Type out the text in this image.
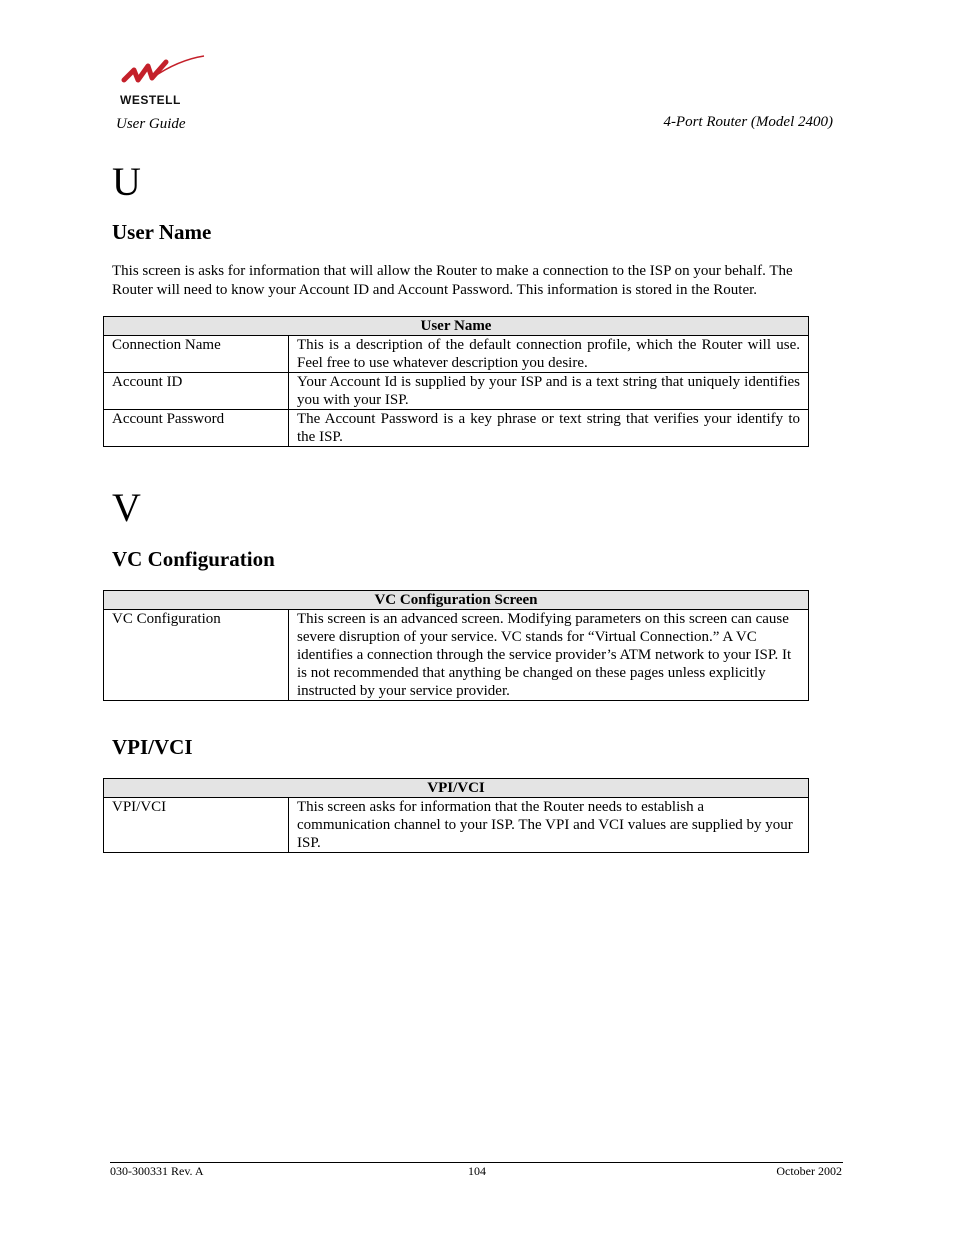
WESTELL
User Guide	4-Port Router (Model 2400)
U
User Name
This screen is asks for information that will allow the Router to make a connection to the ISP on your behalf. The Router will need to know your Account ID and Account Password. This information is stored in the Router.
User Name	
Connection Name	This is a description of the default connection profile, which the Router will use. Feel free to use whatever description you desire.
Account ID	Your Account Id is supplied by your ISP and is a text string that uniquely identifies you with your ISP.
Account Password	The Account Password is a key phrase or text string that verifies your identify to the ISP.
V
VC Configuration
VC Configuration Screen
VC Configuration	This screen is an advanced screen. Modifying parameters on this screen can cause severe disruption of your service. VC stands for “Virtual Connection.” A VC identifies a connection through the service provider’s ATM network to your ISP. It is not recommended that anything be changed on these pages unless explicitly instructed by your service provider.
VPI/VCI
VPI/VCI
VPI/VCI	This screen asks for information that the Router needs to establish a communication channel to your ISP. The VPI and VCI values are supplied by your ISP.
030-300331 Rev. A	104	October 2002
